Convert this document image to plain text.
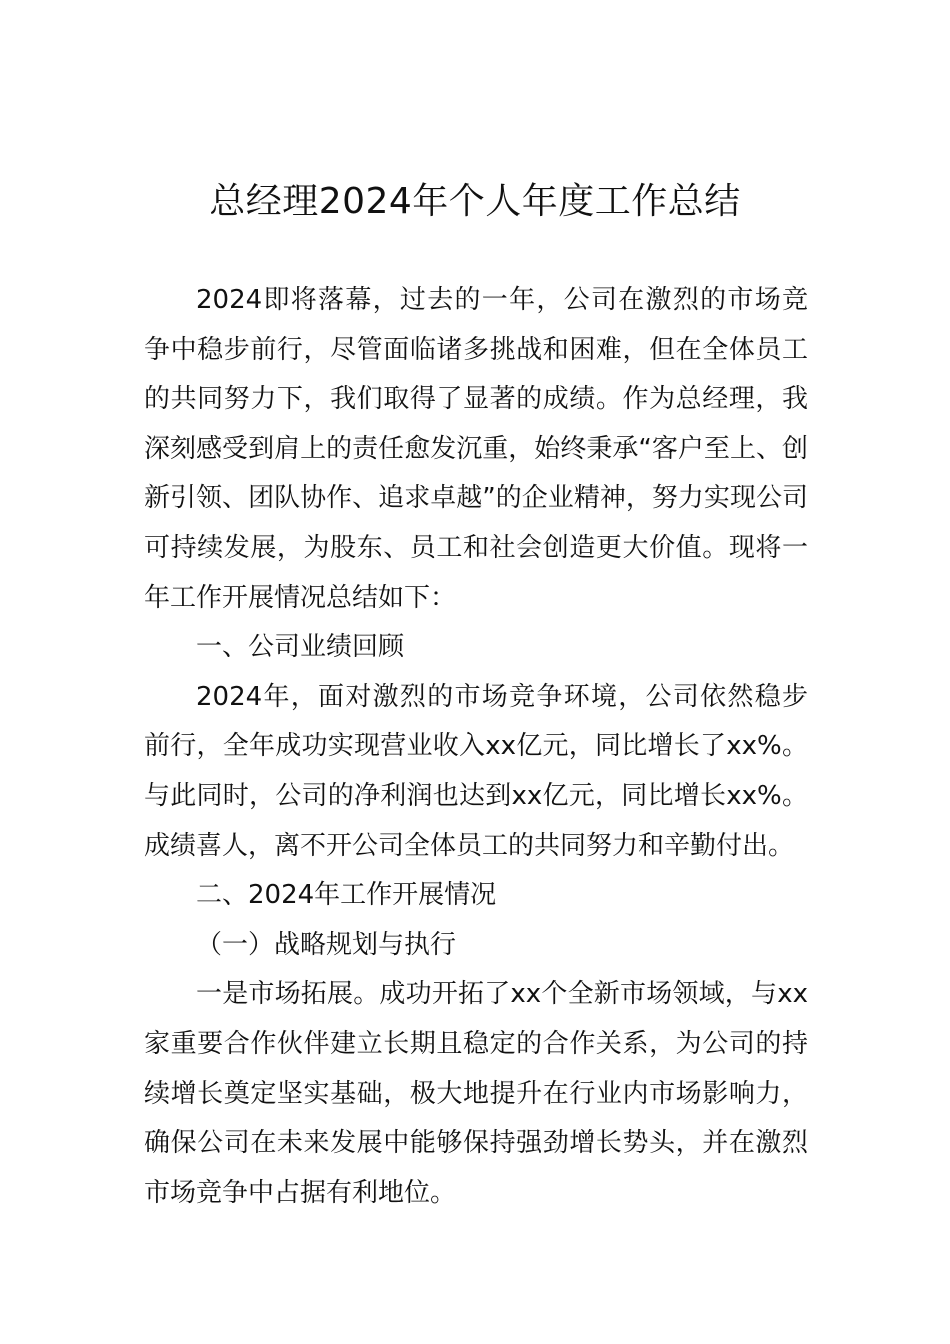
总经理2024年个人年度工作总结

2024即将落幕，过去的一年，公司在激烈的市场竞争中稳步前行，尽管面临诸多挑战和困难，但在全体员工的共同努力下，我们取得了显著的成绩。作为总经理，我深刻感受到肩上的责任愈发沉重，始终秉承“客户至上、创新引领、团队协作、追求卓越”的企业精神，努力实现公司可持续发展，为股东、员工和社会创造更大价值。现将一年工作开展情况总结如下：

一、公司业绩回顾

2024年，面对激烈的市场竞争环境，公司依然稳步前行，全年成功实现营业收入xx亿元，同比增长了xx%。与此同时，公司的净利润也达到xx亿元，同比增长xx%。成绩喜人，离不开公司全体员工的共同努力和辛勤付出。

二、2024年工作开展情况

（一）战略规划与执行

一是市场拓展。成功开拓了xx个全新市场领域，与xx家重要合作伙伴建立长期且稳定的合作关系，为公司的持续增长奠定坚实基础，极大地提升在行业内市场影响力，确保公司在未来发展中能够保持强劲增长势头，并在激烈市场竞争中占据有利地位。
